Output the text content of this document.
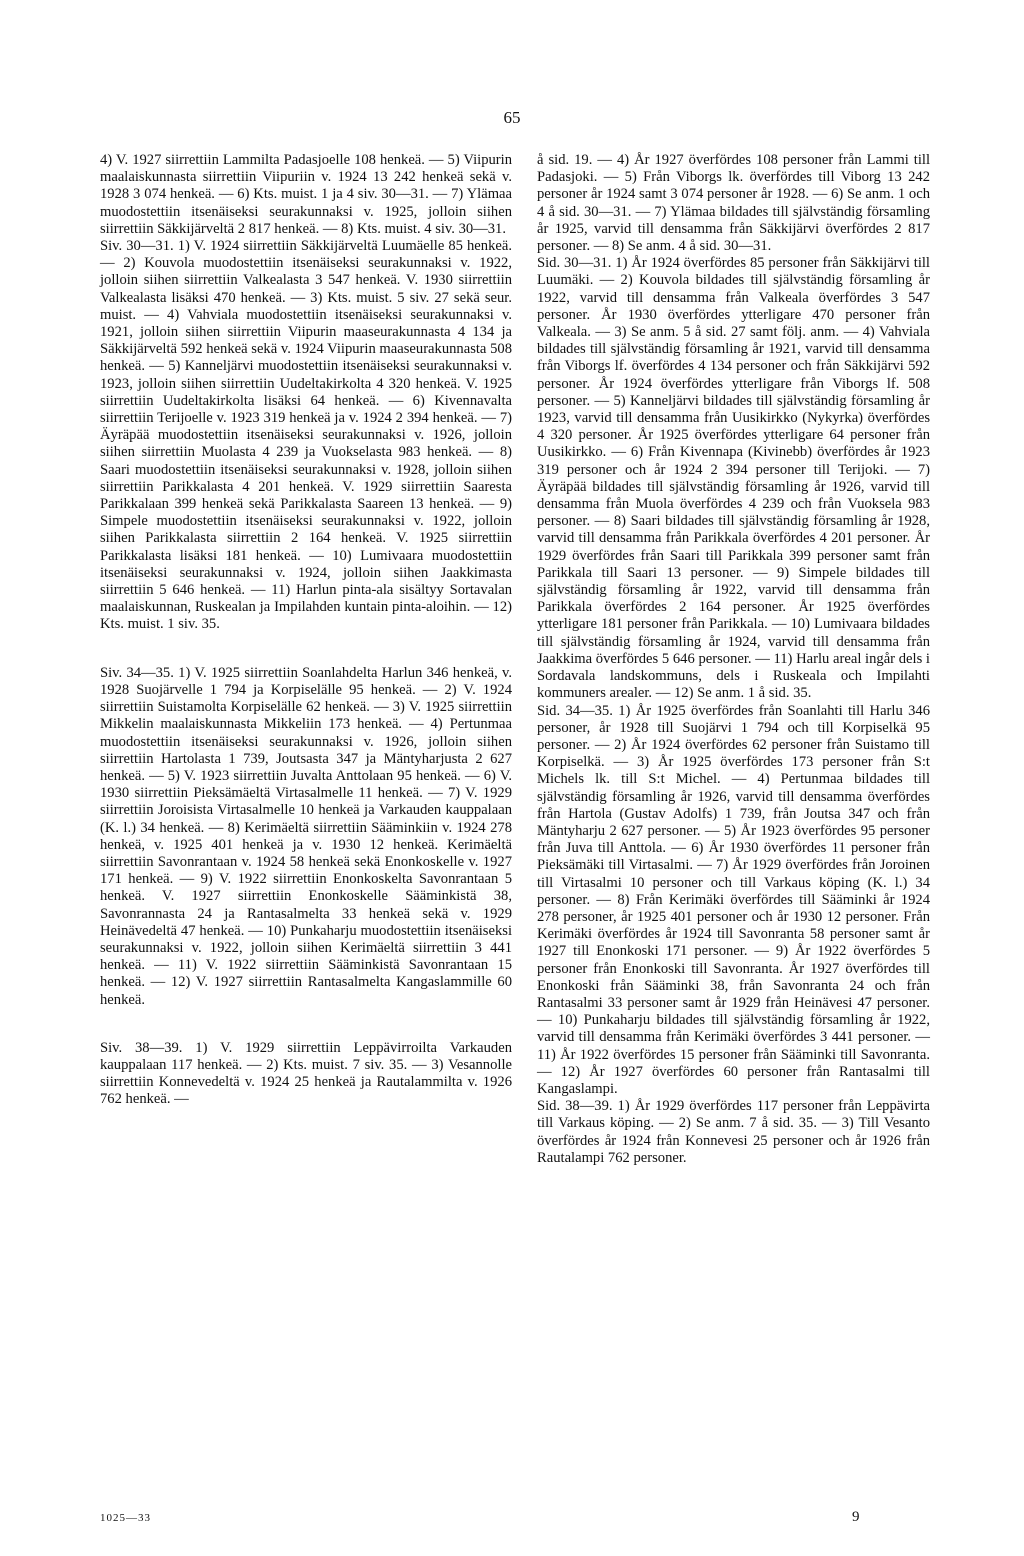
65

4) V. 1927 siirrettiin Lammilta Padasjoelle 108 henkeä. — 5) Viipurin maalaiskunnasta siirrettiin Viipuriin v. 1924 13 242 henkeä sekä v. 1928 3 074 henkeä. — 6) Kts. muist. 1 ja 4 siv. 30—31. — 7) Ylämaa muodostettiin itsenäiseksi seurakunnaksi v. 1925, jolloin siihen siirrettiin Säkkijärveltä 2 817 henkeä. — 8) Kts. muist. 4 siv. 30—31.

Siv. 30—31. 1) V. 1924 siirrettiin Säkkijärveltä Luumäelle 85 henkeä. — 2) Kouvola muodostettiin itsenäiseksi seurakunnaksi v. 1922, jolloin siihen siirrettiin Valkealasta 3 547 henkeä. V. 1930 siirrettiin Valkealasta lisäksi 470 henkeä. — 3) Kts. muist. 5 siv. 27 sekä seur. muist. — 4) Vahviala muodostettiin itsenäiseksi seurakunnaksi v. 1921, jolloin siihen siirrettiin Viipurin maaseurakunnasta 4 134 ja Säkkijärveltä 592 henkeä sekä v. 1924 Viipurin maaseurakunnasta 508 henkeä. — 5) Kanneljärvi muodostettiin itsenäiseksi seurakunnaksi v. 1923, jolloin siihen siirrettiin Uudeltakirkolta 4 320 henkeä. V. 1925 siirrettiin Uudeltakirkolta lisäksi 64 henkeä. — 6) Kivennavalta siirrettiin Terijoelle v. 1923 319 henkeä ja v. 1924 2 394 henkeä. — 7) Äyräpää muodostettiin itsenäiseksi seurakunnaksi v. 1926, jolloin siihen siirrettiin Muolasta 4 239 ja Vuokselasta 983 henkeä. — 8) Saari muodostettiin itsenäiseksi seurakunnaksi v. 1928, jolloin siihen siirrettiin Parikkalasta 4 201 henkeä. V. 1929 siirrettiin Saaresta Parikkalaan 399 henkeä sekä Parikkalasta Saareen 13 henkeä. — 9) Simpele muodostettiin itsenäiseksi seurakunnaksi v. 1922, jolloin siihen Parikkalasta siirrettiin 2 164 henkeä. V. 1925 siirrettiin Parikkalasta lisäksi 181 henkeä. — 10) Lumivaara muodostettiin itsenäiseksi seurakunnaksi v. 1924, jolloin siihen Jaakkimasta siirrettiin 5 646 henkeä. — 11) Harlun pinta-ala sisältyy Sortavalan maalaiskunnan, Ruskealan ja Impilahden kuntain pinta-aloihin. — 12) Kts. muist. 1 siv. 35.

Siv. 34—35. 1) V. 1925 siirrettiin Soanlahdelta Harlun 346 henkeä, v. 1928 Suojärvelle 1 794 ja Korpiselälle 95 henkeä. — 2) V. 1924 siirrettiin Suistamolta Korpiselälle 62 henkeä. — 3) V. 1925 siirrettiin Mikkelin maalaiskunnasta Mikkeliin 173 henkeä. — 4) Pertunmaa muodostettiin itsenäiseksi seurakunnaksi v. 1926, jolloin siihen siirrettiin Hartolasta 1 739, Joutsasta 347 ja Mäntyharjusta 2 627 henkeä. — 5) V. 1923 siirrettiin Juvalta Anttolaan 95 henkeä. — 6) V. 1930 siirrettiin Pieksämäeltä Virtasalmelle 11 henkeä. — 7) V. 1929 siirrettiin Joroisista Virtasalmelle 10 henkeä ja Varkauden kauppalaan (K. l.) 34 henkeä. — 8) Kerimäeltä siirrettiin Sääminkiin v. 1924 278 henkeä, v. 1925 401 henkeä ja v. 1930 12 henkeä. Kerimäeltä siirrettiin Savonrantaan v. 1924 58 henkeä sekä Enonkoskelle v. 1927 171 henkeä. — 9) V. 1922 siirrettiin Enonkoskelta Savonrantaan 5 henkeä. V. 1927 siirrettiin Enonkoskelle Sääminkistä 38, Savonrannasta 24 ja Rantasalmelta 33 henkeä sekä v. 1929 Heinävedeltä 47 henkeä. — 10) Punkaharju muodostettiin itsenäiseksi seurakunnaksi v. 1922, jolloin siihen Kerimäeltä siirrettiin 3 441 henkeä. — 11) V. 1922 siirrettiin Sääminkistä Savonrantaan 15 henkeä. — 12) V. 1927 siirrettiin Rantasalmelta Kangaslammille 60 henkeä.

Siv. 38—39. 1) V. 1929 siirrettiin Leppävirroilta Varkauden kauppalaan 117 henkeä. — 2) Kts. muist. 7 siv. 35. — 3) Vesannolle siirrettiin Konnevedeltä v. 1924 25 henkeä ja Rautalammilta v. 1926 762 henkeä. —

å sid. 19. — 4) År 1927 överfördes 108 personer från Lammi till Padasjoki. — 5) Från Viborgs lk. överfördes till Viborg 13 242 personer år 1924 samt 3 074 personer år 1928. — 6) Se anm. 1 och 4 å sid. 30—31. — 7) Ylämaa bildades till självständig församling år 1925, varvid till densamma från Säkkijärvi överfördes 2 817 personer. — 8) Se anm. 4 å sid. 30—31.

Sid. 30—31. 1) År 1924 överfördes 85 personer från Säkkijärvi till Luumäki. — 2) Kouvola bildades till självständig församling år 1922, varvid till densamma från Valkeala överfördes 3 547 personer. År 1930 överfördes ytterligare 470 personer från Valkeala. — 3) Se anm. 5 å sid. 27 samt följ. anm. — 4) Vahviala bildades till självständig församling år 1921, varvid till densamma från Viborgs lf. överfördes 4 134 personer och från Säkkijärvi 592 personer. År 1924 överfördes ytterligare från Viborgs lf. 508 personer. — 5) Kanneljärvi bildades till självständig församling år 1923, varvid till densamma från Uusikirkko (Nykyrka) överfördes 4 320 personer. År 1925 överfördes ytterligare 64 personer från Uusikirkko. — 6) Från Kivennapa (Kivinebb) överfördes år 1923 319 personer och år 1924 2 394 personer till Terijoki. — 7) Äyräpää bildades till självständig församling år 1926, varvid till densamma från Muola överfördes 4 239 och från Vuoksela 983 personer. — 8) Saari bildades till självständig församling år 1928, varvid till densamma från Parikkala överfördes 4 201 personer. År 1929 överfördes från Saari till Parikkala 399 personer samt från Parikkala till Saari 13 personer. — 9) Simpele bildades till självständig församling år 1922, varvid till densamma från Parikkala överfördes 2 164 personer. År 1925 överfördes ytterligare 181 personer från Parikkala. — 10) Lumivaara bildades till självständig församling år 1924, varvid till densamma från Jaakkima överfördes 5 646 personer. — 11) Harlu areal ingår dels i Sordavala landskommuns, dels i Ruskeala och Impilahti kommuners arealer. — 12) Se anm. 1 å sid. 35.

Sid. 34—35. 1) År 1925 överfördes från Soanlahti till Harlu 346 personer, år 1928 till Suojärvi 1 794 och till Korpiselkä 95 personer. — 2) År 1924 överfördes 62 personer från Suistamo till Korpiselkä. — 3) År 1925 överfördes 173 personer från S:t Michels lk. till S:t Michel. — 4) Pertunmaa bildades till självständig församling år 1926, varvid till densamma överfördes från Hartola (Gustav Adolfs) 1 739, från Joutsa 347 och från Mäntyharju 2 627 personer. — 5) År 1923 överfördes 95 personer från Juva till Anttola. — 6) År 1930 överfördes 11 personer från Pieksämäki till Virtasalmi. — 7) År 1929 överfördes från Joroinen till Virtasalmi 10 personer och till Varkaus köping (K. l.) 34 personer. — 8) Från Kerimäki överfördes till Sääminki år 1924 278 personer, år 1925 401 personer och år 1930 12 personer. Från Kerimäki överfördes år 1924 till Savonranta 58 personer samt år 1927 till Enonkoski 171 personer. — 9) År 1922 överfördes 5 personer från Enonkoski till Savonranta. År 1927 överfördes till Enonkoski från Sääminki 38, från Savonranta 24 och från Rantasalmi 33 personer samt år 1929 från Heinävesi 47 personer. — 10) Punkaharju bildades till självständig församling år 1922, varvid till densamma från Kerimäki överfördes 3 441 personer. — 11) År 1922 överfördes 15 personer från Sääminki till Savonranta. — 12) År 1927 överfördes 60 personer från Rantasalmi till Kangaslampi.

Sid. 38—39. 1) År 1929 överfördes 117 personer från Leppävirta till Varkaus köping. — 2) Se anm. 7 å sid. 35. — 3) Till Vesanto överfördes år 1924 från Konnevesi 25 personer och år 1926 från Rautalampi 762 personer.

1025—33	9
